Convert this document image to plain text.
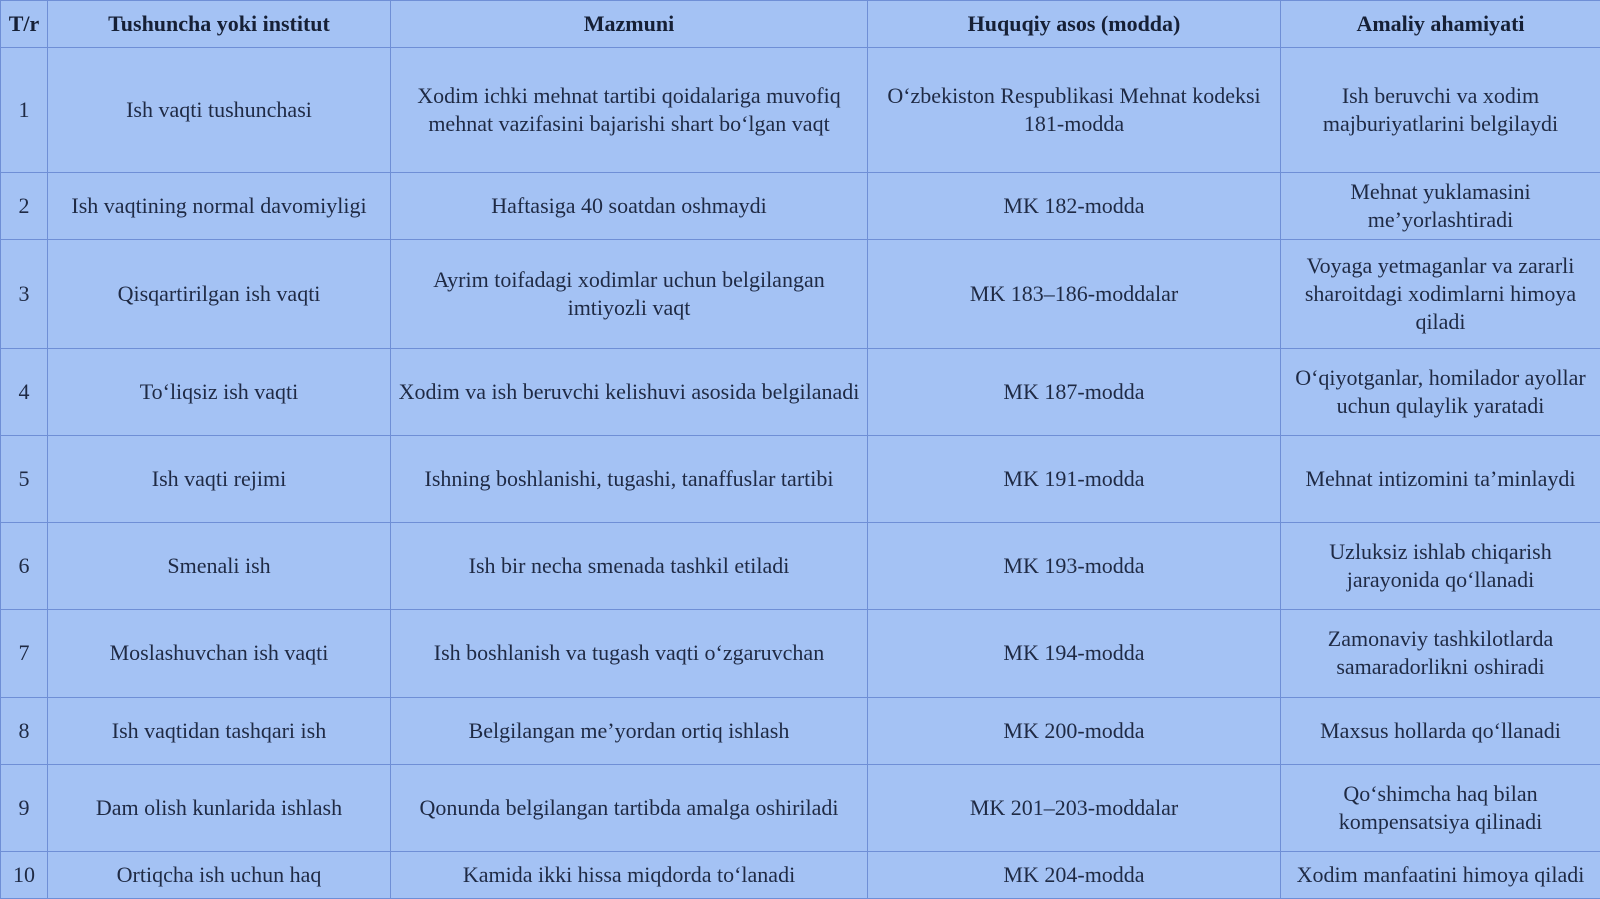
T/r	Tushuncha yoki institut	Mazmuni	Huquqiy asos (modda)	Amaliy ahamiyati
1	Ish vaqti tushunchasi	Xodim ichki mehnat tartibi qoidalariga muvofiq mehnat vazifasini bajarishi shart bo‘lgan vaqt	O‘zbekiston Respublikasi Mehnat kodeksi 181-modda	Ish beruvchi va xodim majburiyatlarini belgilaydi
2	Ish vaqtining normal davomiyligi	Haftasiga 40 soatdan oshmaydi	MK 182-modda	Mehnat yuklamasini me’yorlashtiradi
3	Qisqartirilgan ish vaqti	Ayrim toifadagi xodimlar uchun belgilangan imtiyozli vaqt	MK 183–186-moddalar	Voyaga yetmaganlar va zararli sharoitdagi xodimlarni himoya qiladi
4	To‘liqsiz ish vaqti	Xodim va ish beruvchi kelishuvi asosida belgilanadi	MK 187-modda	O‘qiyotganlar, homilador ayollar uchun qulaylik yaratadi
5	Ish vaqti rejimi	Ishning boshlanishi, tugashi, tanaffuslar tartibi	MK 191-modda	Mehnat intizomini ta’minlaydi
6	Smenali ish	Ish bir necha smenada tashkil etiladi	MK 193-modda	Uzluksiz ishlab chiqarish jarayonida qo‘llanadi
7	Moslashuvchan ish vaqti	Ish boshlanish va tugash vaqti o‘zgaruvchan	MK 194-modda	Zamonaviy tashkilotlarda samaradorlikni oshiradi
8	Ish vaqtidan tashqari ish	Belgilangan me’yordan ortiq ishlash	MK 200-modda	Maxsus hollarda qo‘llanadi
9	Dam olish kunlarida ishlash	Qonunda belgilangan tartibda amalga oshiriladi	MK 201–203-moddalar	Qo‘shimcha haq bilan kompensatsiya qilinadi
10	Ortiqcha ish uchun haq	Kamida ikki hissa miqdorda to‘lanadi	MK 204-modda	Xodim manfaatini himoya qiladi
